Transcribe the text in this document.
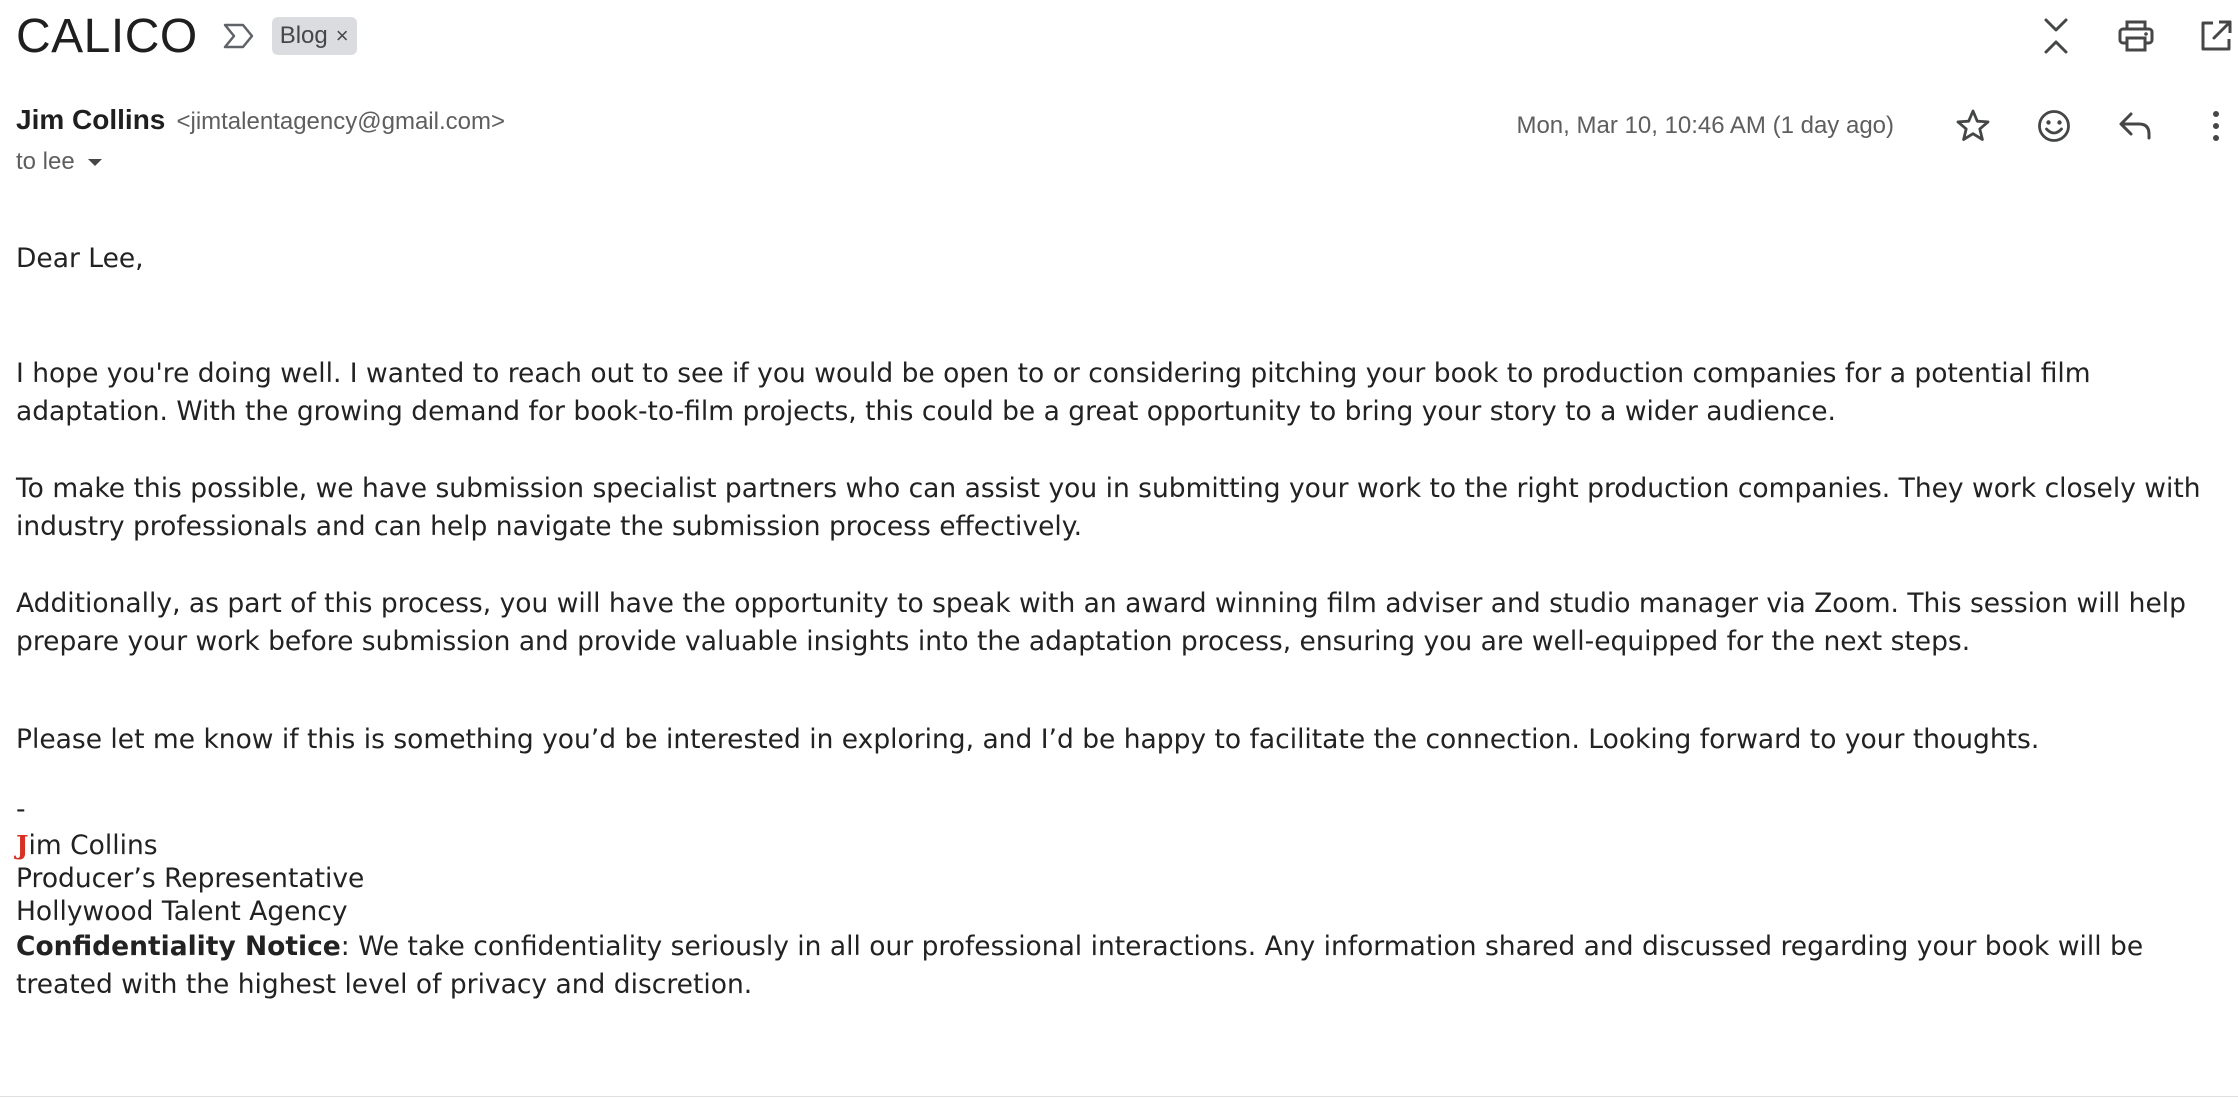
CALICO	Blog ×
Jim Collins <jimtalentagency@gmail.com>
to lee
Mon, Mar 10, 10:46 AM (1 day ago)

Dear Lee,

I hope you're doing well. I wanted to reach out to see if you would be open to or considering pitching your book to production companies for a potential film adaptation. With the growing demand for book-to-film projects, this could be a great opportunity to bring your story to a wider audience.

To make this possible, we have submission specialist partners who can assist you in submitting your work to the right production companies. They work closely with industry professionals and can help navigate the submission process effectively.

Additionally, as part of this process, you will have the opportunity to speak with an award winning film adviser and studio manager via Zoom. This session will help prepare your work before submission and provide valuable insights into the adaptation process, ensuring you are well-equipped for the next steps.

Please let me know if this is something you’d be interested in exploring, and I’d be happy to facilitate the connection. Looking forward to your thoughts.

-
Jim Collins
Producer’s Representative
Hollywood Talent Agency

Confidentiality Notice: We take confidentiality seriously in all our professional interactions. Any information shared and discussed regarding your book will be treated with the highest level of privacy and discretion.
